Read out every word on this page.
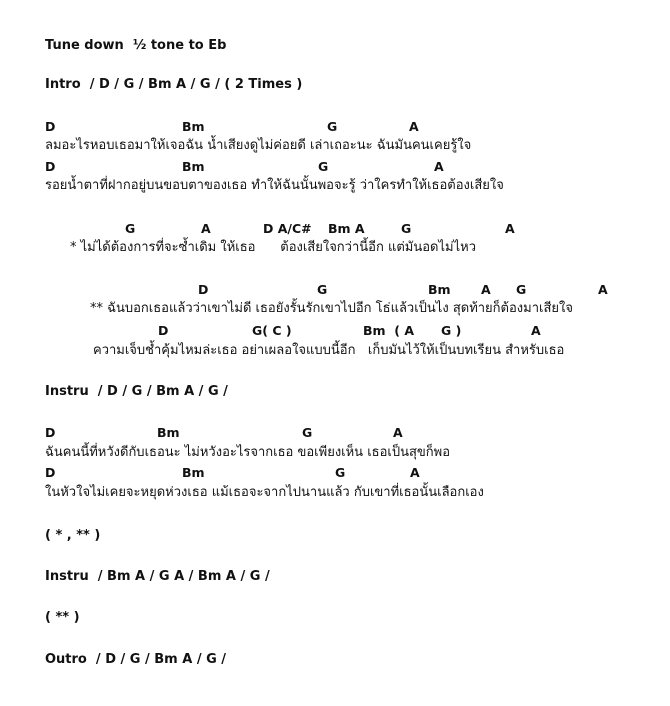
Tune down  ½ tone to Eb
Intro  / D / G / Bm A / G / ( 2 Times )
D	Bm	G	A
ลมอะไรหอบเธอมาให้เจอฉัน น้ำเสียงดูไม่ค่อยดี เล่าเถอะนะ ฉันมันคนเคยรู้ใจ
D	Bm	G	A
รอยน้ำตาที่ฝากอยู่บนขอบตาของเธอ ทำให้ฉันนั้นพอจะรู้ ว่าใครทำให้เธอต้องเสียใจ
G	A	D A/C# Bm A	G	A
* ไม่ได้ต้องการที่จะซ้ำเดิม ให้เธอ      ต้องเสียใจกว่านี้อีก แต่มันอดไม่ไหว
D	G	Bm A G	A
** ฉันบอกเธอแล้วว่าเขาไม่ดี เธอยังรั้นรักเขาไปอีก โธ่แล้วเป็นไง สุดท้ายก็ต้องมาเสียใจ
D	G( C )	Bm  ( A G )	A
ความเจ็บช้ำคุ้มไหมล่ะเธอ อย่าเผลอใจแบบนี้อีก   เก็บมันไว้ให้เป็นบทเรียน สำหรับเธอ
Instru  / D / G / Bm A / G /
D	Bm	G	A
ฉันคนนี้ที่หวังดีกับเธอนะ ไม่หวังอะไรจากเธอ ขอเพียงเห็น เธอเป็นสุขก็พอ
D	Bm	G	A
ในหัวใจไม่เคยจะหยุดห่วงเธอ แม้เธอจะจากไปนานแล้ว กับเขาที่เธอนั้นเลือกเอง
( * , ** )
Instru  / Bm A / G A / Bm A / G /
( ** )
Outro  / D / G / Bm A / G /
